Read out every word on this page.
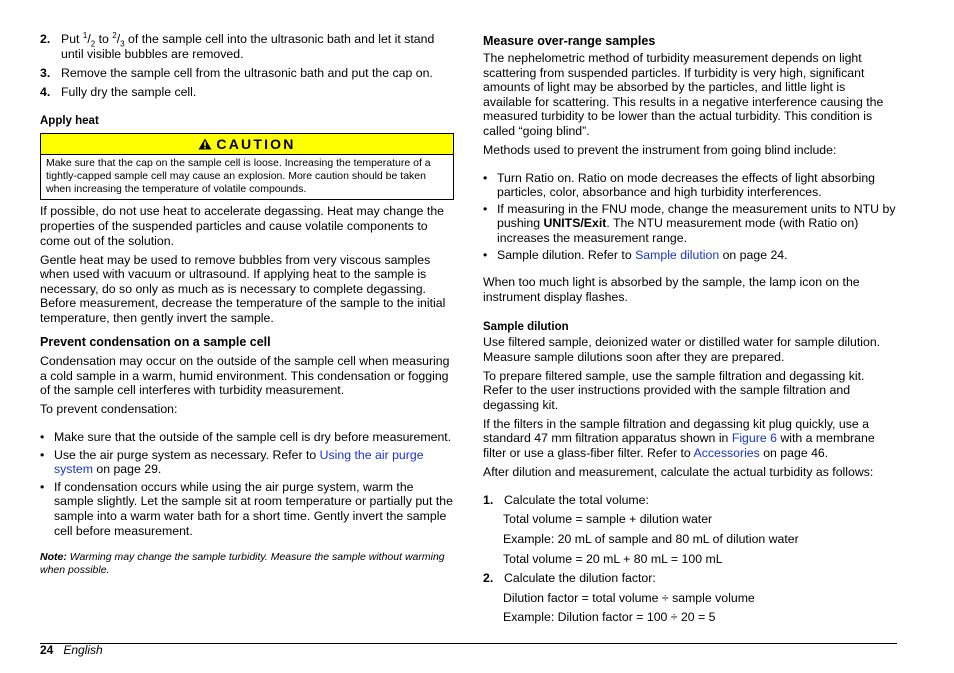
2. Put $^1/_2$ to $^2/_3$ of the sample cell into the ultrasonic bath and let it stand until visible bubbles are removed.
3. Remove the sample cell from the ultrasonic bath and put the cap on.
4. Fully dry the sample cell.

Apply heat

CAUTION
Make sure that the cap on the sample cell is loose. Increasing the temperature of a tightly-capped sample cell may cause an explosion. More caution should be taken when increasing the temperature of volatile compounds.

If possible, do not use heat to accelerate degassing. Heat may change the properties of the suspended particles and cause volatile components to come out of the solution.

Gentle heat may be used to remove bubbles from very viscous samples when used with vacuum or ultrasound. If applying heat to the sample is necessary, do so only as much as is necessary to complete degassing. Before measurement, decrease the temperature of the sample to the initial temperature, then gently invert the sample.

Prevent condensation on a sample cell

Condensation may occur on the outside of the sample cell when measuring a cold sample in a warm, humid environment. This condensation or fogging of the sample cell interferes with turbidity measurement.

To prevent condensation:

• Make sure that the outside of the sample cell is dry before measurement.
• Use the air purge system as necessary. Refer to Using the air purge system on page 29.
• If condensation occurs while using the air purge system, warm the sample slightly. Let the sample sit at room temperature or partially put the sample into a warm water bath for a short time. Gently invert the sample cell before measurement.

Note: Warming may change the sample turbidity. Measure the sample without warming when possible.

Measure over-range samples

The nephelometric method of turbidity measurement depends on light scattering from suspended particles. If turbidity is very high, significant amounts of light may be absorbed by the particles, and little light is available for scattering. This results in a negative interference causing the measured turbidity to be lower than the actual turbidity. This condition is called “going blind”.

Methods used to prevent the instrument from going blind include:

• Turn Ratio on. Ratio on mode decreases the effects of light absorbing particles, color, absorbance and high turbidity interferences.
• If measuring in the FNU mode, change the measurement units to NTU by pushing UNITS/Exit. The NTU measurement mode (with Ratio on) increases the measurement range.
• Sample dilution. Refer to Sample dilution on page 24.

When too much light is absorbed by the sample, the lamp icon on the instrument display flashes.

Sample dilution

Use filtered sample, deionized water or distilled water for sample dilution. Measure sample dilutions soon after they are prepared.

To prepare filtered sample, use the sample filtration and degassing kit. Refer to the user instructions provided with the sample filtration and degassing kit.

If the filters in the sample filtration and degassing kit plug quickly, use a standard 47 mm filtration apparatus shown in Figure 6 with a membrane filter or use a glass-fiber filter. Refer to Accessories on page 46.

After dilution and measurement, calculate the actual turbidity as follows:

1. Calculate the total volume:

Total volume = sample + dilution water

Example: 20 mL of sample and 80 mL of dilution water

Total volume = 20 mL + 80 mL = 100 mL

2. Calculate the dilution factor:

Dilution factor = total volume ÷ sample volume

Example: Dilution factor = 100 ÷ 20 = 5

24 English
